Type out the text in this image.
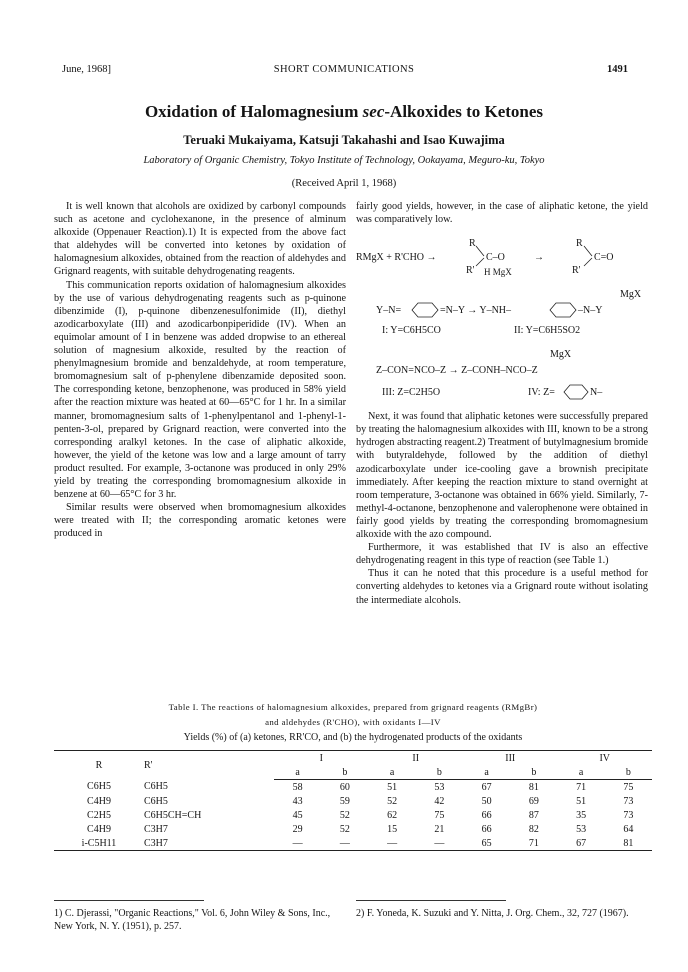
June, 1968]	SHORT COMMUNICATIONS	1491
Oxidation of Halomagnesium sec-Alkoxides to Ketones
Teruaki Mukaiyama, Katsuji Takahashi and Isao Kuwajima
Laboratory of Organic Chemistry, Tokyo Institute of Technology, Ookayama, Meguro-ku, Tokyo
(Received April 1, 1968)

It is well known that alcohols are oxidized by carbonyl compounds such as acetone and cyclohexanone, in the presence of alminum alkoxide (Oppenauer Reaction).1) It is expected from the above fact that aldehydes will be converted into ketones by oxidation of halomagnesium alkoxides, obtained from the reaction of aldehydes and Grignard reagents, with suitable dehydrogenating reagents.

This communication reports oxidation of halomagnesium alkoxides by the use of various dehydrogenating reagents such as p-quinone dibenzimide (I), p-quinone dibenzenesulfonimide (II), diethyl azodicarboxylate (III) and azodicarbonpiperidide (IV). When an equimolar amount of I in benzene was added dropwise to an ethereal solution of magnesium alkoxide, resulted by the reaction of phenylmagnesium bromide and benzaldehyde, at room temperature, bromomagnesium salt of p-phenylene dibenzamide deposited soon. The corresponding ketone, benzophenone, was produced in 58% yield after the reaction mixture was heated at 60—65°C for 1 hr. In a similar manner, bromomagnesium salts of 1-phenylpentanol and 1-phenyl-1-penten-3-ol, prepared by Grignard reaction, were converted into the corresponding aralkyl ketones. In the case of aliphatic alkoxide, however, the yield of the ketone was low and a large amount of tarry product resulted. For example, 3-octanone was produced in only 29% yield by treating the corresponding bromomagnesium alkoxide in benzene at 60—65°C for 3 hr.

Similar results were observed when bromomagnesium alkoxides were treated with II; the corresponding aromatic ketones were produced in

fairly good yields, however, in the case of aliphatic ketone, the yield was comparatively low.

RMgX + R'CHO →
R
R'
C–O
H MgX
→
R
R'
C=O
MgX
Y–N=	=N–Y → Y–NH–	–N–Y
I: Y=C6H5CO	II: Y=C6H5SO2
MgX
Z–CON=NCO–Z → Z–CONH–NCO–Z
III: Z=C2H5O	IV: Z=	N–

Next, it was found that aliphatic ketones were successfully prepared by treating the halomagnesium alkoxides with III, known to be a strong hydrogen abstracting reagent.2) Treatment of butylmagnesium bromide with butyraldehyde, followed by the addition of diethyl azodicarboxylate under ice-cooling gave a brownish precipitate immediately. After keeping the reaction mixture to stand overnight at room temperature, 3-octanone was obtained in 66% yield. Similarly, 7-methyl-4-octanone, benzophenone and valerophenone were obtained in fairly good yields by treating the corresponding bromomagnesium alkoxide with the azo compound.

Furthermore, it was established that IV is also an effective dehydrogenating reagent in this type of reaction (see Table 1.)

Thus it can he noted that this procedure is a useful method for converting aldehydes to ketones via a Grignard route without isolating the intermediate alcohols.

Table I. The reactions of halomagnesium alkoxides, prepared from grignard reagents (RMgBr)
and aldehydes (R'CHO), with oxidants I—IV
Yields (%) of (a) ketones, RR'CO, and (b) the hydrogenated products of the oxidants
R	R'	I		II		III		IV	
		a	b	a	b	a	b	a	b
C6H5	C6H5	58	60	51	53	67	81	71	75
C4H9	C6H5	43	59	52	42	50	69	51	73
C2H5	C6H5CH=CH	45	52	62	75	66	87	35	73
C4H9	C3H7	29	52	15	21	66	82	53	64
i-C5H11	C3H7	—	—	—	—	65	71	67	81
1) C. Djerassi, "Organic Reactions," Vol. 6, John Wiley & Sons, Inc., New York, N. Y. (1951), p. 257.
2) F. Yoneda, K. Suzuki and Y. Nitta, J. Org. Chem., 32, 727 (1967).
